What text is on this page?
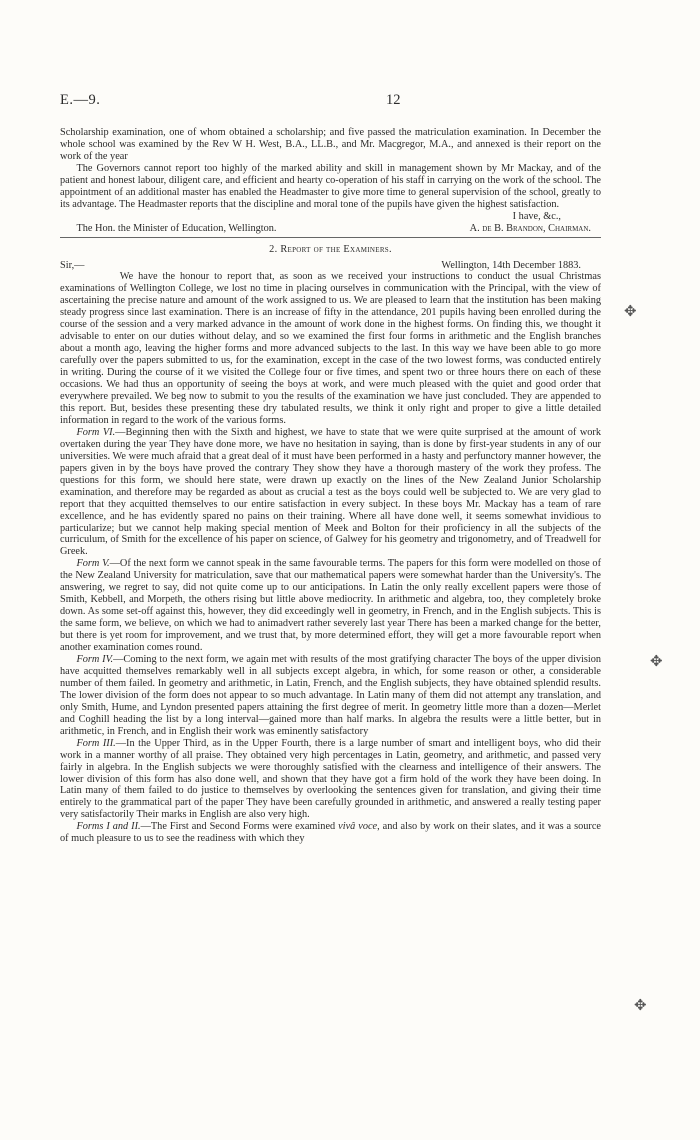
E.—9.	12

Scholarship examination, one of whom obtained a scholarship; and five passed the matriculation examination. In December the whole school was examined by the Rev W H. West, B.A., LL.B., and Mr. Macgregor, M.A., and annexed is their report on the work of the year

The Governors cannot report too highly of the marked ability and skill in management shown by Mr Mackay, and of the patient and honest labour, diligent care, and efficient and hearty co-operation of his staff in carrying on the work of the school. The appointment of an additional master has enabled the Headmaster to give more time to general supervision of the school, greatly to its advantage. The Headmaster reports that the discipline and moral tone of the pupils have given the highest satisfaction.

I have, &c.,
The Hon. the Minister of Education, Wellington.	A. de B. Brandon, Chairman.
2. Report of the Examiners.
Sir,—	Wellington, 14th December 1883.

We have the honour to report that, as soon as we received your instructions to conduct the usual Christmas examinations of Wellington College, we lost no time in placing ourselves in communication with the Principal, with the view of ascertaining the precise nature and amount of the work assigned to us. We are pleased to learn that the institution has been making steady progress since last examination. There is an increase of fifty in the attendance, 201 pupils having been enrolled during the course of the session and a very marked advance in the amount of work done in the highest forms. On finding this, we thought it advisable to enter on our duties without delay, and so we examined the first four forms in arithmetic and the English branches about a month ago, leaving the higher forms and more advanced subjects to the last. In this way we have been able to go more carefully over the papers submitted to us, for the examination, except in the case of the two lowest forms, was conducted entirely in writing. During the course of it we visited the College four or five times, and spent two or three hours there on each of these occasions. We had thus an opportunity of seeing the boys at work, and were much pleased with the quiet and good order that everywhere prevailed. We beg now to submit to you the results of the examination we have just concluded. They are appended to this report. But, besides these presenting these dry tabulated results, we think it only right and proper to give a little detailed information in regard to the work of the various forms.

Form VI.—Beginning then with the Sixth and highest, we have to state that we were quite surprised at the amount of work overtaken during the year They have done more, we have no hesitation in saying, than is done by first-year students in any of our universities. We were much afraid that a great deal of it must have been performed in a hasty and perfunctory manner however, the papers given in by the boys have proved the contrary They show they have a thorough mastery of the work they profess. The questions for this form, we should here state, were drawn up exactly on the lines of the New Zealand Junior Scholarship examination, and therefore may be regarded as about as crucial a test as the boys could well be subjected to. We are very glad to report that they acquitted themselves to our entire satisfaction in every subject. In these boys Mr. Mackay has a team of rare excellence, and he has evidently spared no pains on their training. Where all have done well, it seems somewhat invidious to particularize; but we cannot help making special mention of Meek and Bolton for their proficiency in all the subjects of the curriculum, of Smith for the excellence of his paper on science, of Galwey for his geometry and trigonometry, and of Treadwell for Greek.

Form V.—Of the next form we cannot speak in the same favourable terms. The papers for this form were modelled on those of the New Zealand University for matriculation, save that our mathematical papers were somewhat harder than the University's. The answering, we regret to say, did not quite come up to our anticipations. In Latin the only really excellent papers were those of Smith, Kebbell, and Morpeth, the others rising but little above mediocrity. In arithmetic and algebra, too, they completely broke down. As some set-off against this, however, they did exceedingly well in geometry, in French, and in the English subjects. This is the same form, we believe, on which we had to animadvert rather severely last year There has been a marked change for the better, but there is yet room for improvement, and we trust that, by more determined effort, they will get a more favourable report when another examination comes round.

Form IV.—Coming to the next form, we again met with results of the most gratifying character The boys of the upper division have acquitted themselves remarkably well in all subjects except algebra, in which, for some reason or other, a considerable number of them failed. In geometry and arithmetic, in Latin, French, and the English subjects, they have obtained splendid results. The lower division of the form does not appear to so much advantage. In Latin many of them did not attempt any translation, and only Smith, Hume, and Lyndon presented papers attaining the first degree of merit. In geometry little more than a dozen—Merlet and Coghill heading the list by a long interval—gained more than half marks. In algebra the results were a little better, but in arithmetic, in French, and in English their work was eminently satisfactory

Form III.—In the Upper Third, as in the Upper Fourth, there is a large number of smart and intelligent boys, who did their work in a manner worthy of all praise. They obtained very high percentages in Latin, geometry, and arithmetic, and passed very fairly in algebra. In the English subjects we were thoroughly satisfied with the clearness and intelligence of their answers. The lower division of this form has also done well, and shown that they have got a firm hold of the work they have been doing. In Latin many of them failed to do justice to themselves by overlooking the sentences given for translation, and giving their time entirely to the grammatical part of the paper They have been carefully grounded in arithmetic, and answered a really testing paper very satisfactorily Their marks in English are also very high.

Forms I and II.—The First and Second Forms were examined vivâ voce, and also by work on their slates, and it was a source of much pleasure to us to see the readiness with which they

✥
✥
✥
